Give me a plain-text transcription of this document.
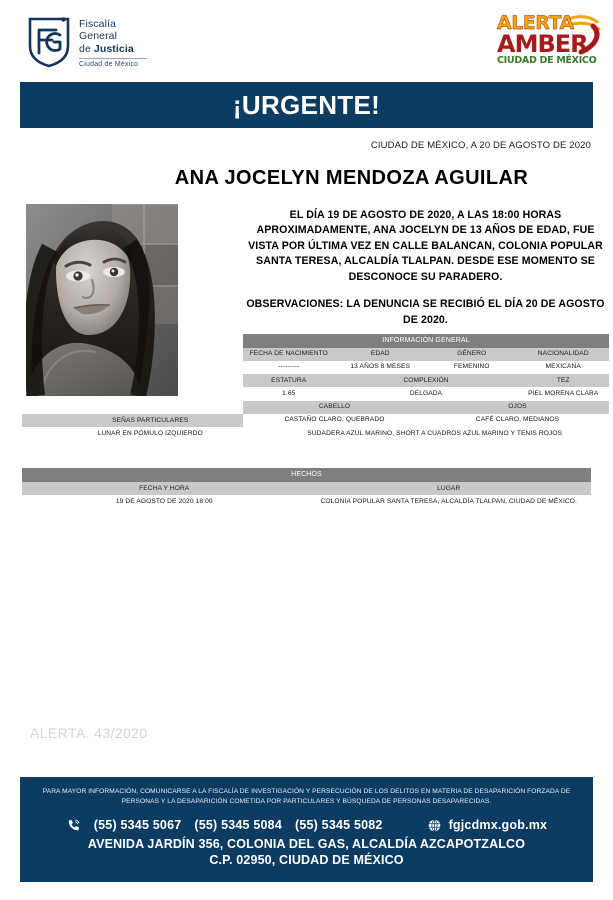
Fiscalía
General
de Justicia
Ciudad de México
ALERTA
AMBER
CIUDAD DE MÉXICO
¡URGENTE!
CIUDAD DE MÉXICO, A 20 DE AGOSTO DE 2020
ANA JOCELYN MENDOZA AGUILAR
EL DÍA 19 DE AGOSTO DE 2020, A LAS 18:00 HORAS APROXIMADAMENTE, ANA JOCELYN DE 13 AÑOS DE EDAD, FUE VISTA POR ÚLTIMA VEZ EN CALLE BALANCAN, COLONIA POPULAR SANTA TERESA, ALCALDÍA TLALPAN. DESDE ESE MOMENTO SE DESCONOCE SU PARADERO.
OBSERVACIONES: LA DENUNCIA SE RECIBIÓ EL DÍA 20 DE AGOSTO DE 2020.
INFORMACIÓN GENERAL			
FECHA DE NACIMIENTO	EDAD	GÉNERO	NACIONALIDAD
---------	13 AÑOS 8 MESES	FEMENINO	MEXICANA
ESTATURA	COMPLEXIÓN		TEZ
1.65	DELGADA		PIEL MORENA CLARA
CABELLO		OJOS	
CASTAÑO CLARO, QUEBRADO		CAFÉ CLARO, MEDIANOS	
SEÑAS PARTICULARES	
LUNAR EN PÓMULO IZQUIERDO	SUDADERA AZUL MARINO, SHORT A CUADROS AZUL MARINO Y TENIS ROJOS
HECHOS	
FECHA Y HORA	LUGAR
19 DE AGOSTO DE 2020 18:00	COLONIA POPULAR SANTA TERESA, ALCALDÍA TLALPAN, CIUDAD DE MÉXICO.
ALERTA. 43/2020
PARA MAYOR INFORMACIÓN, COMUNICARSE A LA FISCALÍA DE INVESTIGACIÓN Y PERSECUCIÓN DE LOS DELITOS EN MATERIA DE DESAPARICIÓN FORZADA DE PERSONAS Y LA DESAPARICIÓN COMETIDA POR PARTICULARES Y BÚSQUEDA DE PERSONAS DESAPARECIDAS.
(55) 5345 5067 (55) 5345 5084 (55) 5345 5082	fgjcdmx.gob.mx
AVENIDA JARDÍN 356, COLONIA DEL GAS, ALCALDÍA AZCAPOTZALCO
C.P. 02950, CIUDAD DE MÉXICO
